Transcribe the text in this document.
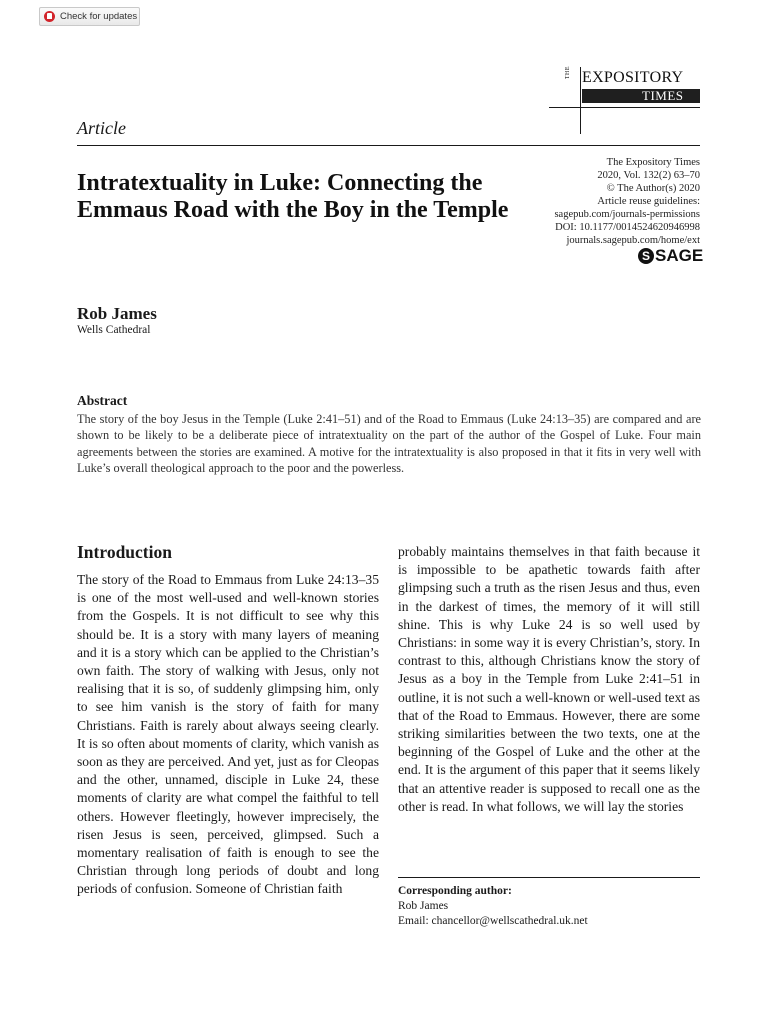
Check for updates
THE EXPOSITORY
TIMES
Article
Intratextuality in Luke: Connecting the Emmaus Road with the Boy in the Temple
The Expository Times
2020, Vol. 132(2) 63–70
© The Author(s) 2020
Article reuse guidelines:
sagepub.com/journals-permissions
DOI: 10.1177/0014524620946998
journals.sagepub.com/home/ext
S SAGE
Rob James
Wells Cathedral
Abstract
The story of the boy Jesus in the Temple (Luke 2:41–51) and of the Road to Emmaus (Luke 24:13–35) are compared and are shown to be likely to be a deliberate piece of intratextuality on the part of the author of the Gospel of Luke. Four main agreements between the stories are examined. A motive for the intratextuality is also proposed in that it fits in very well with Luke’s overall theological approach to the poor and the powerless.
Introduction
The story of the Road to Emmaus from Luke 24:13–35 is one of the most well-used and well-known stories from the Gospels. It is not difficult to see why this should be. It is a story with many layers of meaning and it is a story which can be applied to the Christian’s own faith. The story of walking with Jesus, only not realising that it is so, of suddenly glimpsing him, only to see him vanish is the story of faith for many Christians. Faith is rarely about always seeing clearly. It is so often about moments of clarity, which vanish as soon as they are perceived. And yet, just as for Cleopas and the other, unnamed, disciple in Luke 24, these moments of clarity are what compel the faithful to tell others. However fleetingly, however imprecisely, the risen Jesus is seen, perceived, glimpsed. Such a momentary realisation of faith is enough to see the Christian through long periods of doubt and long periods of confusion. Someone of Christian faith
probably maintains themselves in that faith because it is impossible to be apathetic towards faith after glimpsing such a truth as the risen Jesus and thus, even in the darkest of times, the memory of it will still shine. This is why Luke 24 is so well used by Christians: in some way it is every Christian’s, story. In contrast to this, although Christians know the story of Jesus as a boy in the Temple from Luke 2:41–51 in outline, it is not such a well-known or well-used text as that of the Road to Emmaus. However, there are some striking similarities between the two texts, one at the beginning of the Gospel of Luke and the other at the end. It is the argument of this paper that it seems likely that an attentive reader is supposed to recall one as the other is read. In what follows, we will lay the stories
Corresponding author:
Rob James
Email: chancellor@wellscathedral.uk.net
